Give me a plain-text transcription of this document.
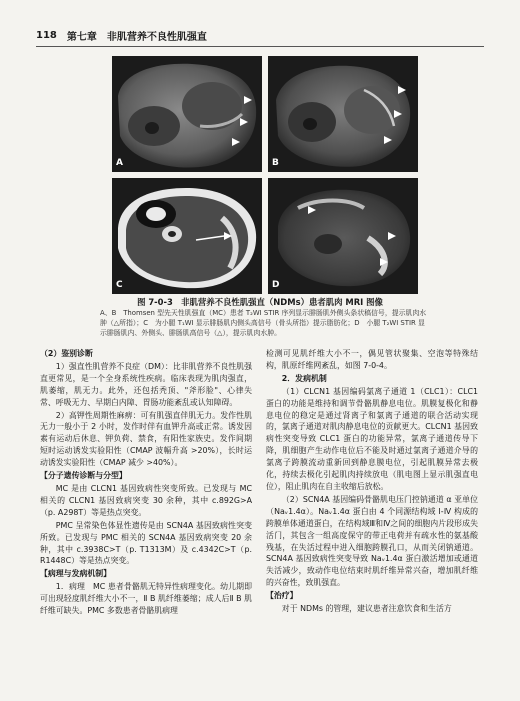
118 第七章 非肌营养不良性肌强直
A	B
C	D
图 7-0-3　非肌营养不良性肌强直（NDMs）患者肌肉 MRI 图像
A、B　Thomsen 型先天性肌强直（MC）患者 T₂WI STIR 序列显示腓肠肌外侧头条状稿信号，提示肌肉水肿（△所指）；C　为小腿 T₁WI 显示腓肠肌内侧头高信号（骨头所指）提示脂肪化；D　小腿 T₂WI STIR 显示腓肠肌内、外侧头、腓肠肌高信号（△），提示肌肉水肿。

（2）鉴别诊断

1）强直性肌营养不良症（DM）：比非肌营养不良性肌强直更常见，是一个全身系统性疾病。临床表现为肌肉强直，肌萎缩，肌无力。此外，还包括秃顶、"斧形脸"、心律失常、呼吸无力、早期白内障、胃肠功能紊乱或认知障碍。

2）高钾性周期性麻痹：可有肌强直伴肌无力。发作性肌无力一般小于 2 小时，发作时伴有血钾升高或正常。诱发因素有运动后休息、钾负荷、禁食，有阳性家族史。发作间期短时运动诱发实验阳性（CMAP 波幅升高 >20%），长时运动诱发实验阳性（CMAP 减少 >40%）。

【分子遗传诊断与分型】

MC 是由 CLCN1 基因致病性突变所致。已发现与 MC 相关的 CLCN1 基因致病突变 30 余种，其中 c.892G>A（p. A298T）等是热点突变。

PMC 呈常染色体显性遗传是由 SCN4A 基因致病性突变所致。已发现与 PMC 相关的 SCN4A 基因致病突变 20 余种，其中 c.3938C>T（p. T1313M）及 c.4342C>T（p. R1448C）等是热点突变。

【病理与发病机制】

1．病理　MC 患者骨骼肌无特异性病理变化。幼儿期即可出现轻度肌纤维大小不一，Ⅱ B 肌纤维萎缩；成人后Ⅱ B 肌纤维可缺失。PMC 多数患者骨骼肌病理

检测可见肌纤维大小不一，偶见管状聚集、空泡等特殊结构，肌原纤维网紊乱，如图 7-0-4。

2．发病机制

（1）CLCN1 基因编码氯离子通道 1（CLC1）：CLC1 蛋白的功能是维持和调节骨骼肌静息电位。肌膜复极化和静息电位的稳定是通过肾离子和氯离子通道的联合活动实现的，氯离子通道对肌肉静息电位的贡献更大。CLCN1 基因致病性突变导致 CLC1 蛋白的功能异常，氯离子通道传导下降，肌细胞产生动作电位后不能及时通过氯离子通道介导的氯离子跨膜流动重新回到静息膜电位，引起肌膜异常去极化，持续去极化引起肌肉持续放电（肌电图上显示肌强直电位），阻止肌肉在自主收缩后放松。

（2）SCN4A 基因编码骨骼肌电压门控钠通道 α 亚单位（Naᵥ1.4α）。Naᵥ1.4α 蛋白由 4 个同源结构域 Ⅰ-Ⅳ 构成的跨膜单体通道蛋白，在结构域Ⅲ和Ⅳ之间的细胞内片段形成失活门，其包含一组高度保守的带正电荷并有疏水性的氨基酸残基，在失活过程中进入细胞跨膜孔口，从而关闭钠通道。SCN4A 基因致病性突变导致 Naᵥ1.4α 蛋白激活增加或通道失活减少，致动作电位结束时肌纤维异常兴奋，增加肌纤维的兴奋性，致肌强直。

【治疗】

对于 NDMs 的管理，建议患者注意饮食和生活方
